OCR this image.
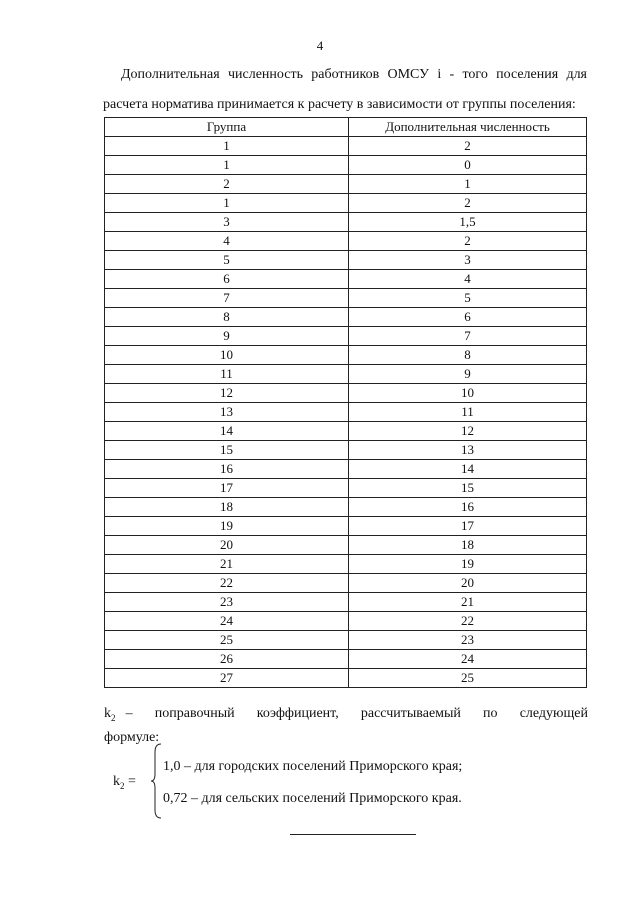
4

Дополнительная численность работников ОМСУ i - того поселения для расчета норматива принимается к расчету в зависимости от группы поселения:

Группа	Дополнительная численность
1	2
1	0
2	1
1	2
3	1,5
4	2
5	3
6	4
7	5
8	6
9	7
10	8
11	9
12	10
13	11
14	12
15	13
16	14
17	15
18	16
19	17
20	18
21	19
22	20
23	21
24	22
25	23
26	24
27	25
$k_2$ – поправочный коэффициент, рассчитываемый по следующей формуле:
$k_2$ =
1,0 – для городских поселений Приморского края;
0,72 – для сельских поселений Приморского края.
